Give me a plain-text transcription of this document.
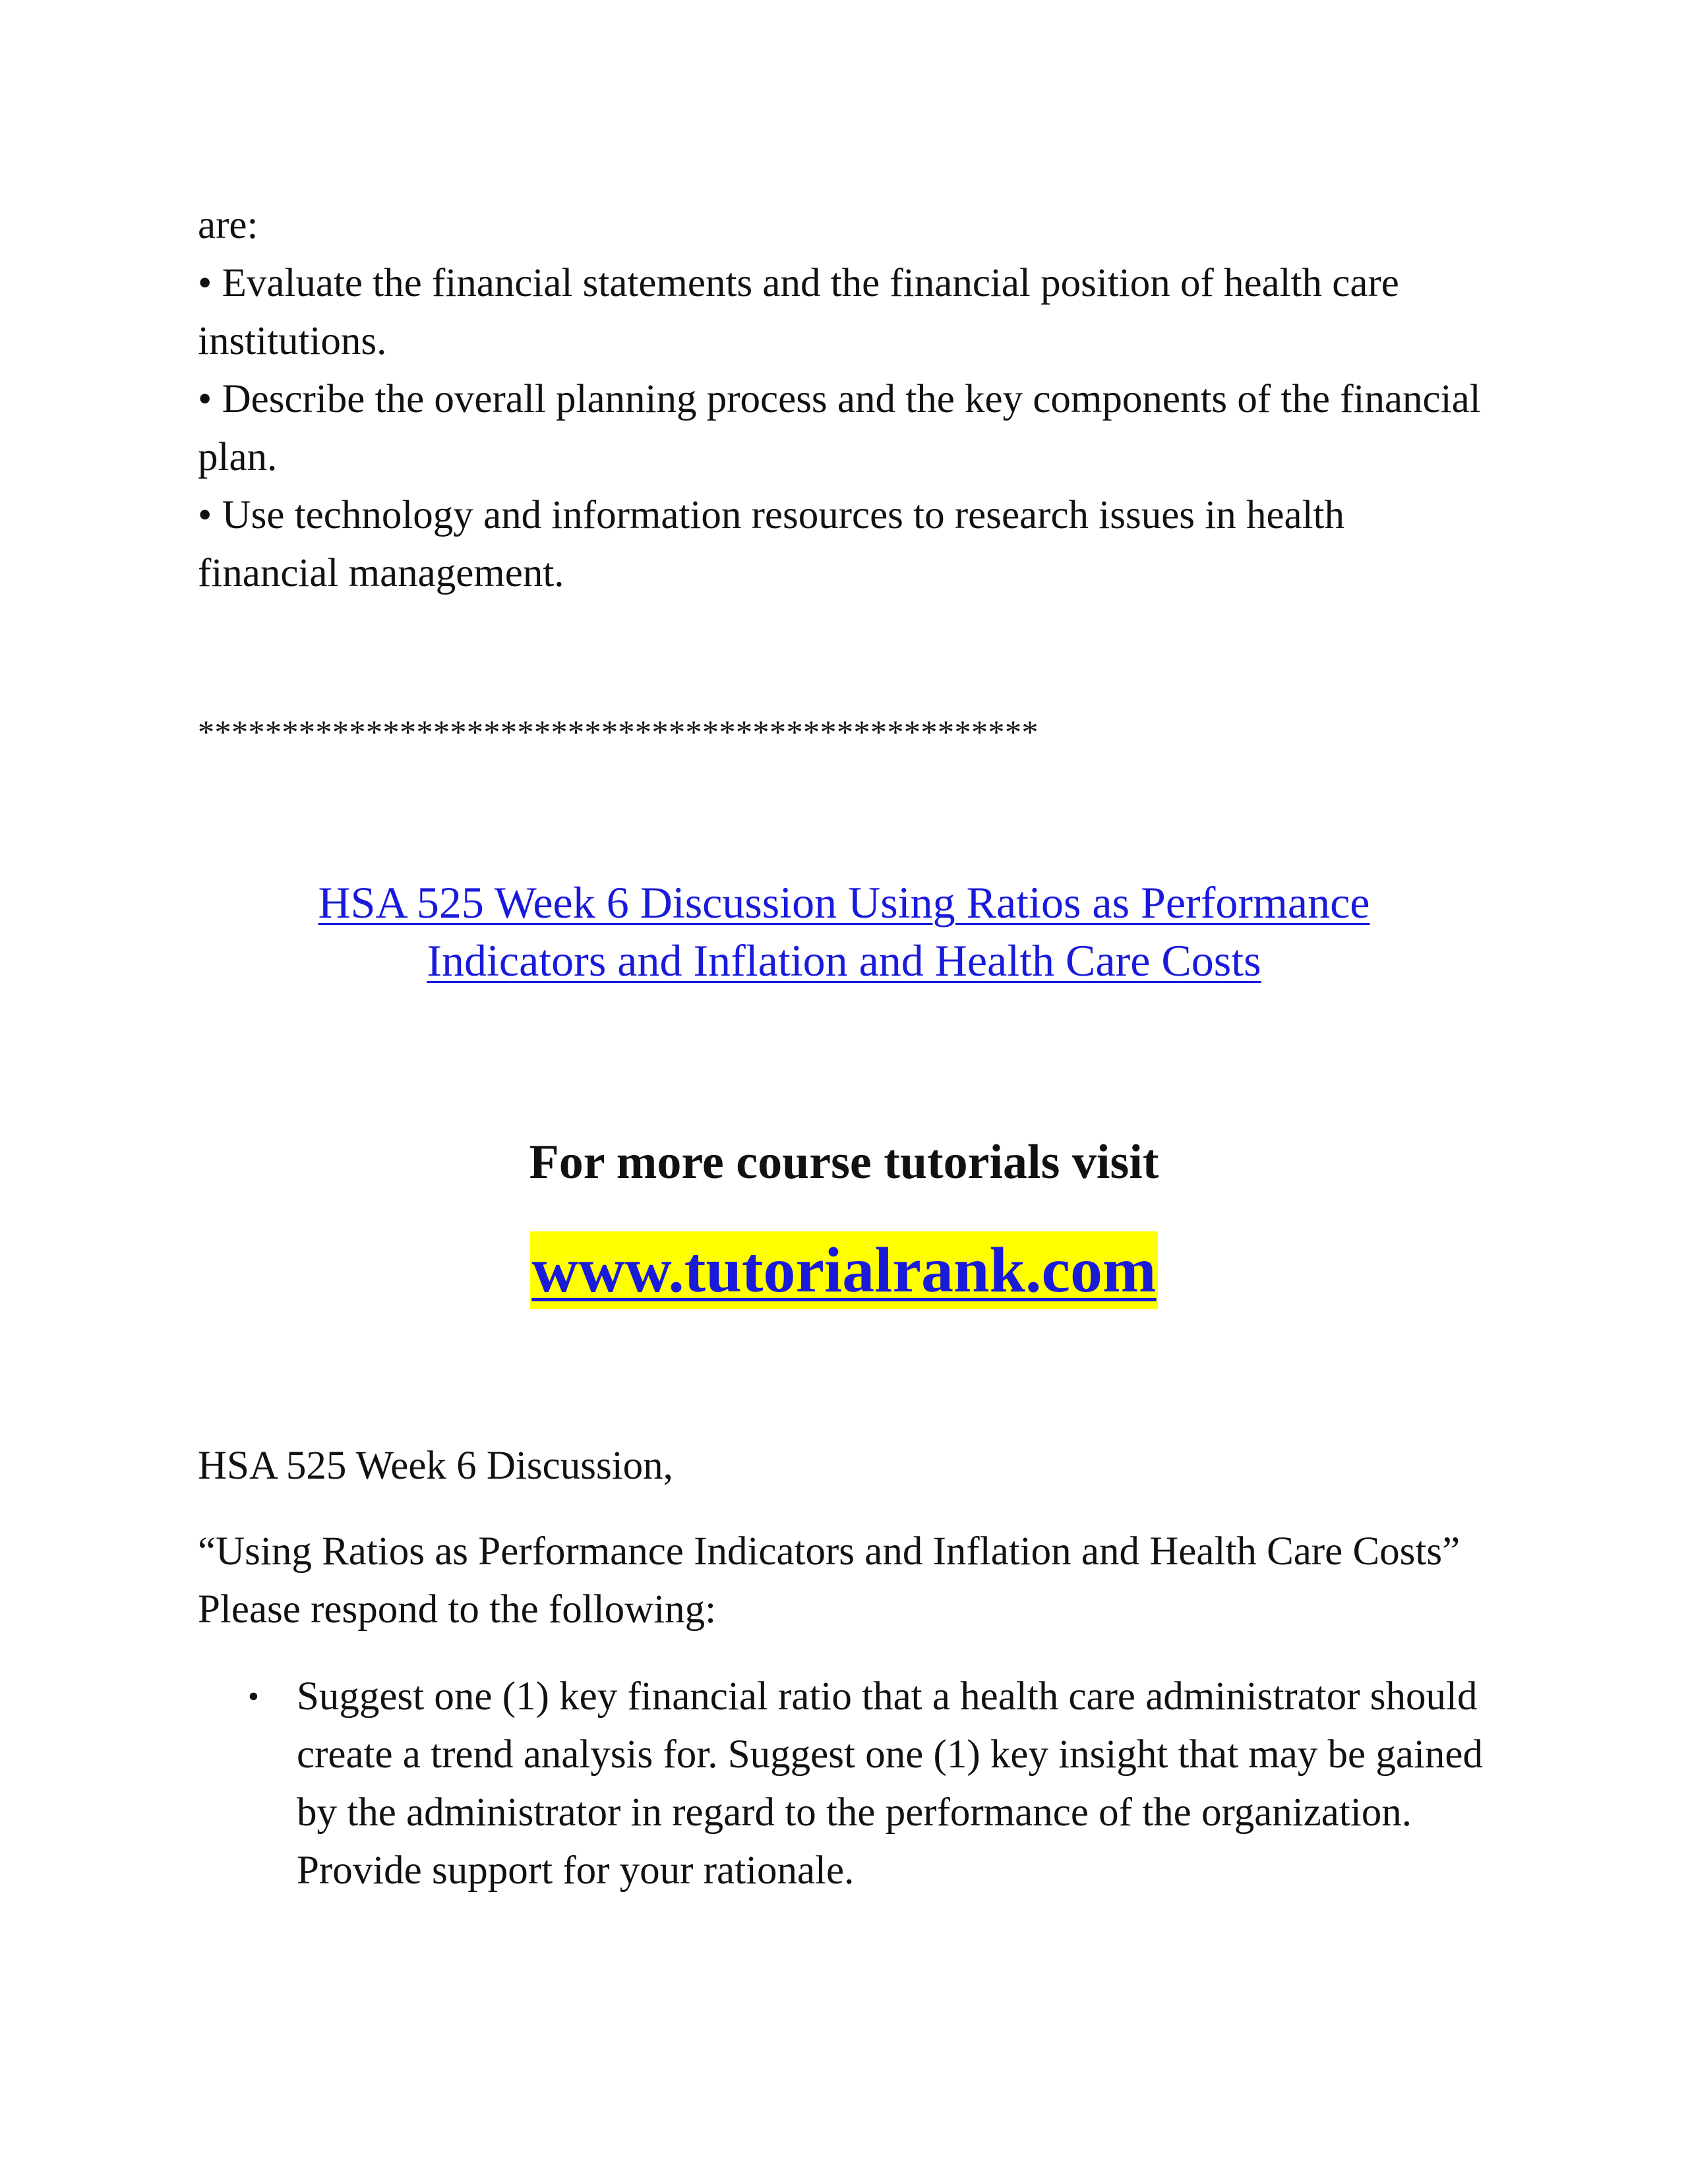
are:

• Evaluate the financial statements and the financial position of health care institutions.

• Describe the overall planning process and the key components of the financial plan.

• Use technology and information resources to research issues in health financial management.

**************************************************

HSA 525 Week 6 Discussion Using Ratios as Performance
Indicators and Inflation and Health Care Costs

For more course tutorials visit

www.tutorialrank.com

HSA 525 Week 6 Discussion,

“Using Ratios as Performance Indicators and Inflation and Health Care Costs” Please respond to the following:

• Suggest one (1) key financial ratio that a health care administrator should create a trend analysis for. Suggest one (1) key insight that may be gained by the administrator in regard to the performance of the organization. Provide support for your rationale.
